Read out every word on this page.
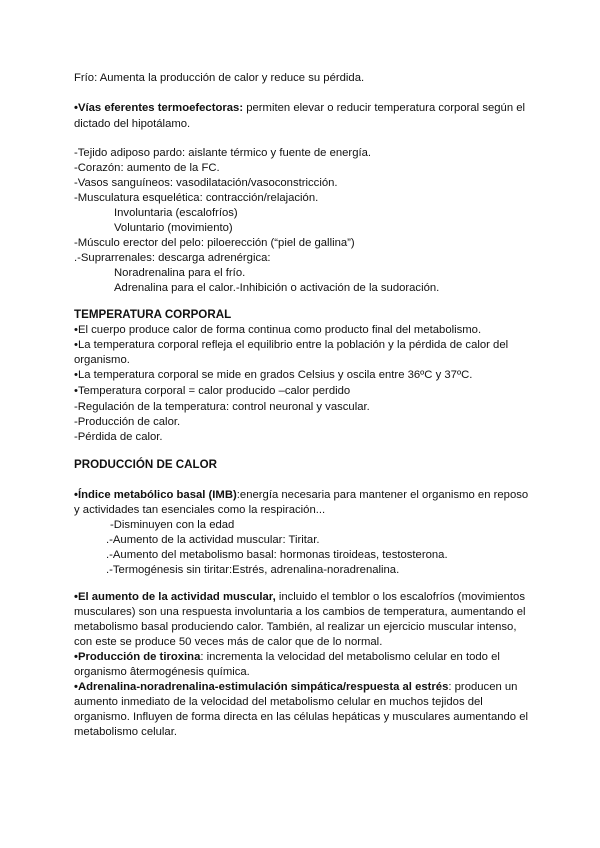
Frío: Aumenta la producción de calor y reduce su pérdida.
•Vías eferentes termoefectoras: permiten elevar o reducir temperatura corporal según el
dictado del hipotálamo.
-Tejido adiposo pardo: aislante térmico y fuente de energía.
-Corazón: aumento de la FC.
-Vasos sanguíneos: vasodilatación/vasoconstricción.
-Musculatura esquelética: contracción/relajación.
Involuntaria (escalofríos)
Voluntario (movimiento)
-Músculo erector del pelo: piloerección (“piel de gallina”)
.-Suprarrenales: descarga adrenérgica:
Noradrenalina para el frío.
Adrenalina para el calor.-Inhibición o activación de la sudoración.
TEMPERATURA CORPORAL
•El cuerpo produce calor de forma continua como producto final del metabolismo.
•La temperatura corporal refleja el equilibrio entre la población y la pérdida de calor del
organismo.
•La temperatura corporal se mide en grados Celsius y oscila entre 36ºC y 37ºC.
•Temperatura corporal = calor producido –calor perdido
-Regulación de la temperatura: control neuronal y vascular.
-Producción de calor.
-Pérdida de calor.
PRODUCCIÓN DE CALOR
•Índice metabólico basal (IMB):energía necesaria para mantener el organismo en reposo
y actividades tan esenciales como la respiración...
-Disminuyen con la edad
.-Aumento de la actividad muscular: Tiritar.
.-Aumento del metabolismo basal: hormonas tiroideas, testosterona.
.-Termogénesis sin tiritar:Estrés, adrenalina-noradrenalina.
•El aumento de la actividad muscular, incluido el temblor o los escalofríos (movimientos
musculares) son una respuesta involuntaria a los cambios de temperatura, aumentando el
metabolismo basal produciendo calor. También, al realizar un ejercicio muscular intenso,
con este se produce 50 veces más de calor que de lo normal.
•Producción de tiroxina: incrementa la velocidad del metabolismo celular en todo el
organismo âtermogénesis química.
•Adrenalina-noradrenalina-estimulación simpática/respuesta al estrés: producen un
aumento inmediato de la velocidad del metabolismo celular en muchos tejidos del
organismo. Influyen de forma directa en las células hepáticas y musculares aumentando el
metabolismo celular.
